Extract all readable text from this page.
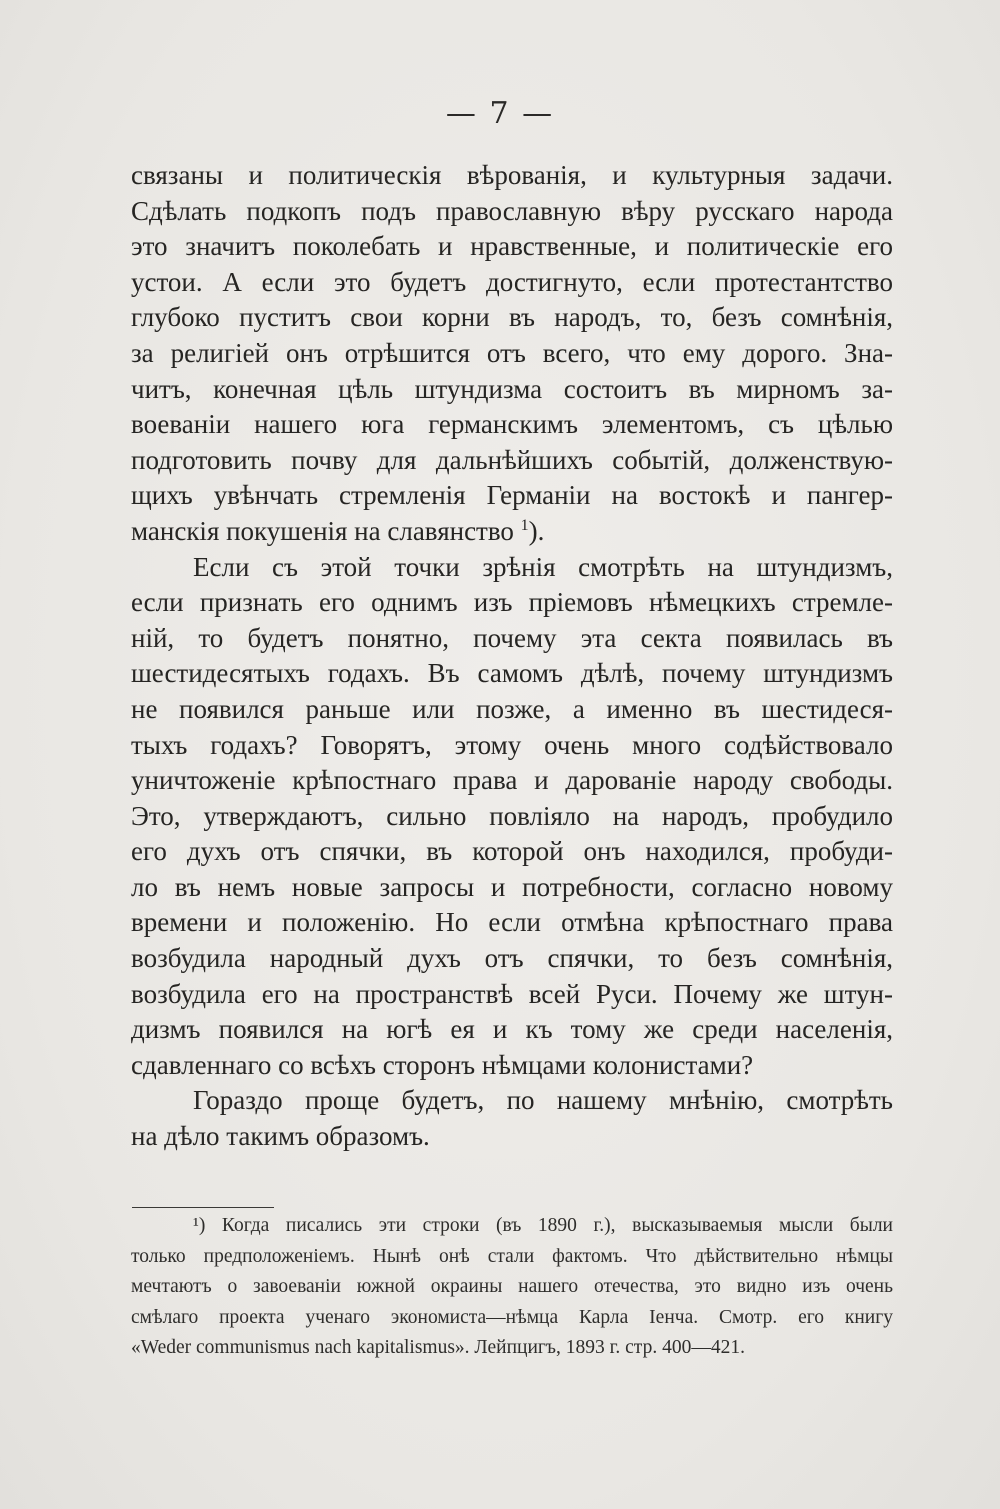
— 7 —
связаны и политическія вѣрованія, и культурныя задачи.
Сдѣлать подкопъ подъ православную вѣру русскаго народа
это значитъ поколебать и нравственные, и политическіе его
устои. А если это будетъ достигнуто, если протестантство
глубоко пуститъ свои корни въ народъ, то, безъ сомнѣнія,
за религіей онъ отрѣшится отъ всего, что ему дорого. Зна-
читъ, конечная цѣль штундизма состоитъ въ мирномъ за-
воеваніи нашего юга германскимъ элементомъ, съ цѣлью
подготовить почву для дальнѣйшихъ событій, долженствую-
щихъ увѣнчать стремленія Германіи на востокѣ и пангер-
манскія покушенія на славянство $^1$).
Если съ этой точки зрѣнія смотрѣть на штундизмъ,
если признать его однимъ изъ пріемовъ нѣмецкихъ стремле-
ній, то будетъ понятно, почему эта секта появилась въ
шестидесятыхъ годахъ. Въ самомъ дѣлѣ, почему штундизмъ
не появился раньше или позже, а именно въ шестидеся-
тыхъ годахъ? Говорятъ, этому очень много содѣйствовало
уничтоженіе крѣпостнаго права и дарованіе народу свободы.
Это, утверждаютъ, сильно повліяло на народъ, пробудило
его духъ отъ спячки, въ которой онъ находился, пробуди-
ло въ немъ новые запросы и потребности, согласно новому
времени и положенію. Но если отмѣна крѣпостнаго права
возбудила народный духъ отъ спячки, то безъ сомнѣнія,
возбудила его на пространствѣ всей Руси. Почему же штун-
дизмъ появился на югѣ ея и къ тому же среди населенія,
сдавленнаго со всѣхъ сторонъ нѣмцами колонистами?
Гораздо проще будетъ, по нашему мнѣнію, смотрѣть
на дѣло такимъ образомъ.
¹) Когда писались эти строки (въ 1890 г.), высказываемыя мысли были
только предположеніемъ. Нынѣ онѣ стали фактомъ. Что дѣйствительно нѣмцы
мечтаютъ о завоеваніи южной окраины нашего отечества, это видно изъ очень
смѣлаго проекта ученаго экономиста—нѣмца Карла Іенча. Смотр. его книгу
«Weder communismus nach kapitalismus». Лейпцигъ, 1893 г. стр. 400—421.
